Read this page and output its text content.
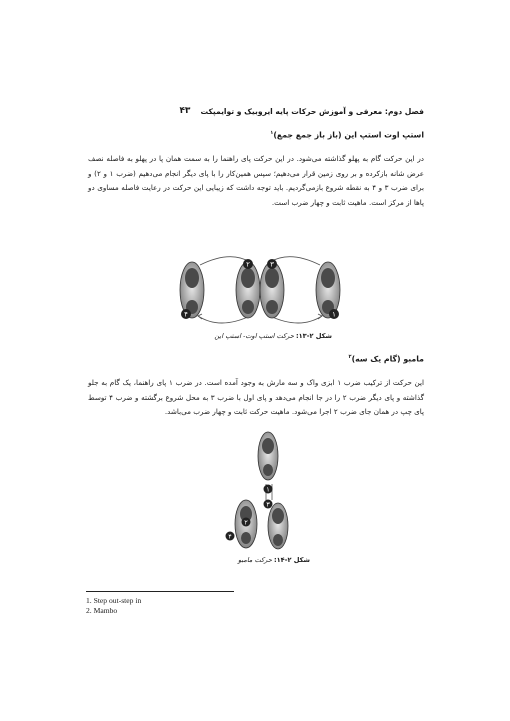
فصل دوم: معرفی و آموزش حرکات پایه ایروبیک و توایمپکت
۴۳
استپ اوت استپ این (باز باز جمع جمع)$^۱$
در این حرکت گام به پهلو گذاشته می‌شود. در این حرکت پای راهنما را به سمت همان پا در پهلو به فاصله نصف عرض شانه بازکرده و بر روی زمین قرار می‌دهیم؛ سپس همین‌کار را با پای دیگر انجام می‌دهیم (ضرب ۱ و ۲) و برای ضرب ۳ و ۴ به نقطه شروع بازمی‌گردیم. باید توجه داشت که زیبایی این حرکت در رعایت فاصله مساوی دو پاها از مرکز است. ماهیت ثابت و چهار ضرب است.
۴
۲	۳
۱
شکل ۲-۱۳: حرکت استپ اوت- استپ این
مامبو (گام یک سه)$^۲$
این حرکت از ترکیب ضرب ۱ ابزی واک و سه مارش به وجود آمده است. در ضرب ۱ پای راهنما، یک گام به جلو گذاشته و پای دیگر ضرب ۲ را در جا انجام می‌دهد و پای اول با ضرب ۳ به محل شروع برگشته و ضرب ۴ توسط پای چپ در همان جای ضرب ۲ اجرا می‌شود. ماهیت حرکت ثابت و چهار ضرب می‌باشد.
۱
۳
۲
۴
شکل ۲-۱۴: حرکت مامبو
1. Step out-step in
2. Mambo
